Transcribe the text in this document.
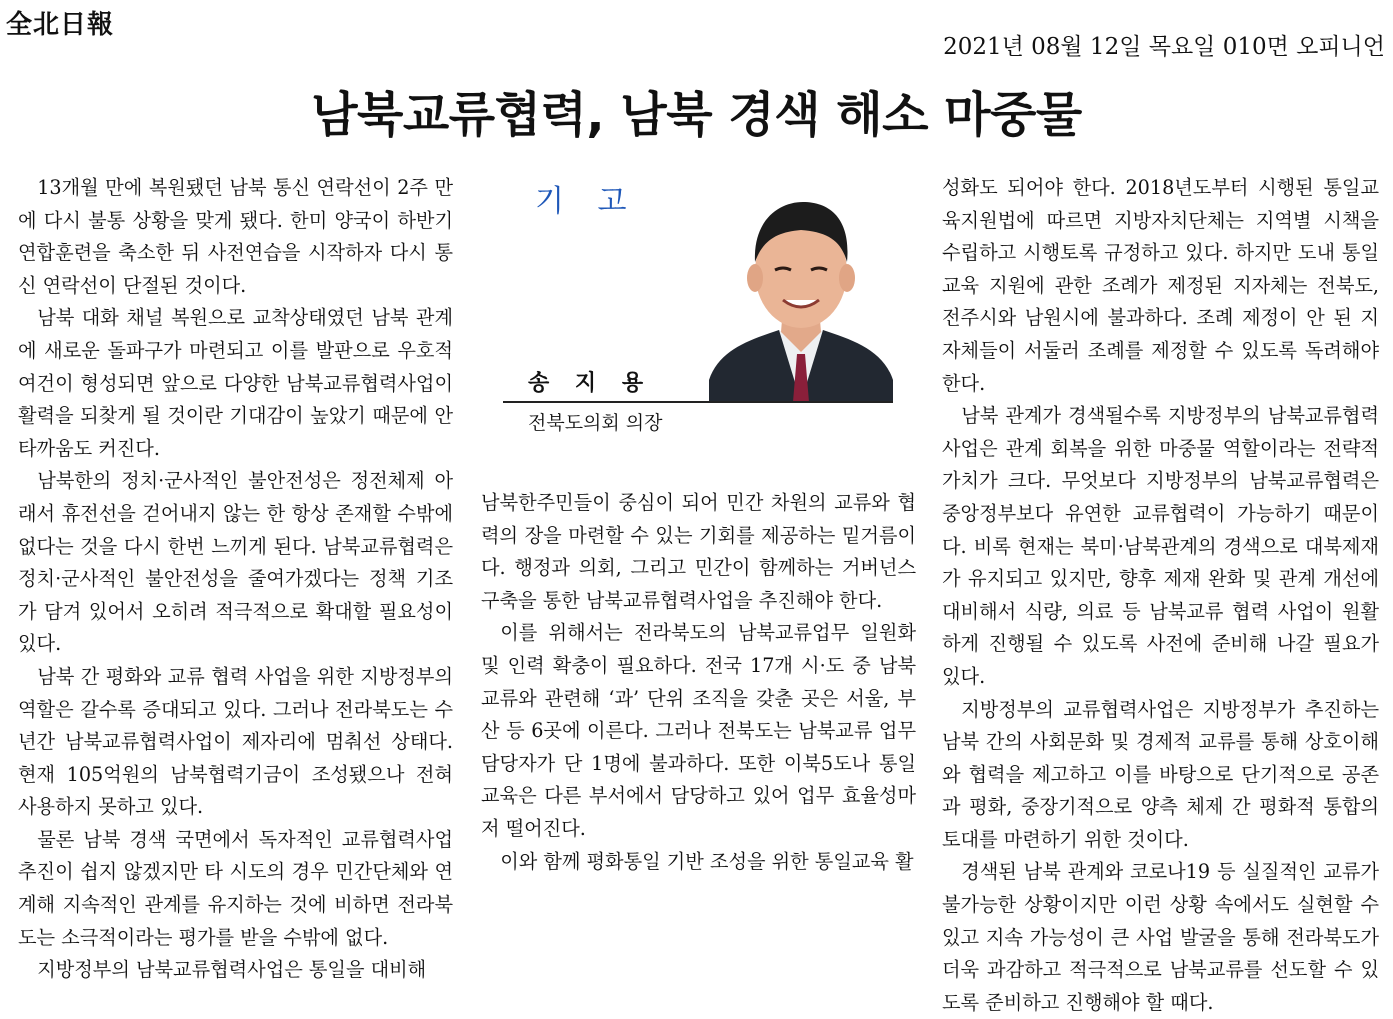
全北日報
2021년 08월 12일 목요일 010면 오피니언
남북교류협력, 남북 경색 해소 마중물

13개월 만에 복원됐던 남북 통신 연락선이 2주 만에 다시 불통 상황을 맞게 됐다. 한미 양국이 하반기 연합훈련을 축소한 뒤 사전연습을 시작하자 다시 통신 연락선이 단절된 것이다.

남북 대화 채널 복원으로 교착상태였던 남북 관계에 새로운 돌파구가 마련되고 이를 발판으로 우호적 여건이 형성되면 앞으로 다양한 남북교류협력사업이 활력을 되찾게 될 것이란 기대감이 높았기 때문에 안타까움도 커진다.

남북한의 정치·군사적인 불안전성은 정전체제 아래서 휴전선을 걷어내지 않는 한 항상 존재할 수밖에 없다는 것을 다시 한번 느끼게 된다. 남북교류협력은 정치·군사적인 불안전성을 줄여가겠다는 정책 기조가 담겨 있어서 오히려 적극적으로 확대할 필요성이 있다.

남북 간 평화와 교류 협력 사업을 위한 지방정부의 역할은 갈수록 증대되고 있다. 그러나 전라북도는 수년간 남북교류협력사업이 제자리에 멈춰선 상태다. 현재 105억원의 남북협력기금이 조성됐으나 전혀 사용하지 못하고 있다.

물론 남북 경색 국면에서 독자적인 교류협력사업 추진이 쉽지 않겠지만 타 시도의 경우 민간단체와 연계해 지속적인 관계를 유지하는 것에 비하면 전라북도는 소극적이라는 평가를 받을 수밖에 없다.

지방정부의 남북교류협력사업은 통일을 대비해

남북한주민들이 중심이 되어 민간 차원의 교류와 협력의 장을 마련할 수 있는 기회를 제공하는 밑거름이다. 행정과 의회, 그리고 민간이 함께하는 거버넌스 구축을 통한 남북교류협력사업을 추진해야 한다.

이를 위해서는 전라북도의 남북교류업무 일원화 및 인력 확충이 필요하다. 전국 17개 시·도 중 남북교류와 관련해 ‘과’ 단위 조직을 갖춘 곳은 서울, 부산 등 6곳에 이른다. 그러나 전북도는 남북교류 업무담당자가 단 1명에 불과하다. 또한 이북5도나 통일교육은 다른 부서에서 담당하고 있어 업무 효율성마저 떨어진다.

이와 함께 평화통일 기반 조성을 위한 통일교육 활

성화도 되어야 한다. 2018년도부터 시행된 통일교육지원법에 따르면 지방자치단체는 지역별 시책을 수립하고 시행토록 규정하고 있다. 하지만 도내 통일교육 지원에 관한 조례가 제정된 지자체는 전북도, 전주시와 남원시에 불과하다. 조례 제정이 안 된 지자체들이 서둘러 조례를 제정할 수 있도록 독려해야 한다.

남북 관계가 경색될수록 지방정부의 남북교류협력사업은 관계 회복을 위한 마중물 역할이라는 전략적 가치가 크다. 무엇보다 지방정부의 남북교류협력은 중앙정부보다 유연한 교류협력이 가능하기 때문이다. 비록 현재는 북미·남북관계의 경색으로 대북제재가 유지되고 있지만, 향후 제재 완화 및 관계 개선에 대비해서 식량, 의료 등 남북교류 협력 사업이 원활하게 진행될 수 있도록 사전에 준비해 나갈 필요가 있다.

지방정부의 교류협력사업은 지방정부가 추진하는 남북 간의 사회문화 및 경제적 교류를 통해 상호이해와 협력을 제고하고 이를 바탕으로 단기적으로 공존과 평화, 중장기적으로 양측 체제 간 평화적 통합의 토대를 마련하기 위한 것이다.

경색된 남북 관계와 코로나19 등 실질적인 교류가 불가능한 상황이지만 이런 상황 속에서도 실현할 수 있고 지속 가능성이 큰 사업 발굴을 통해 전라북도가 더욱 과감하고 적극적으로 남북교류를 선도할 수 있도록 준비하고 진행해야 할 때다.

기 고
송 지 용
전북도의회 의장
